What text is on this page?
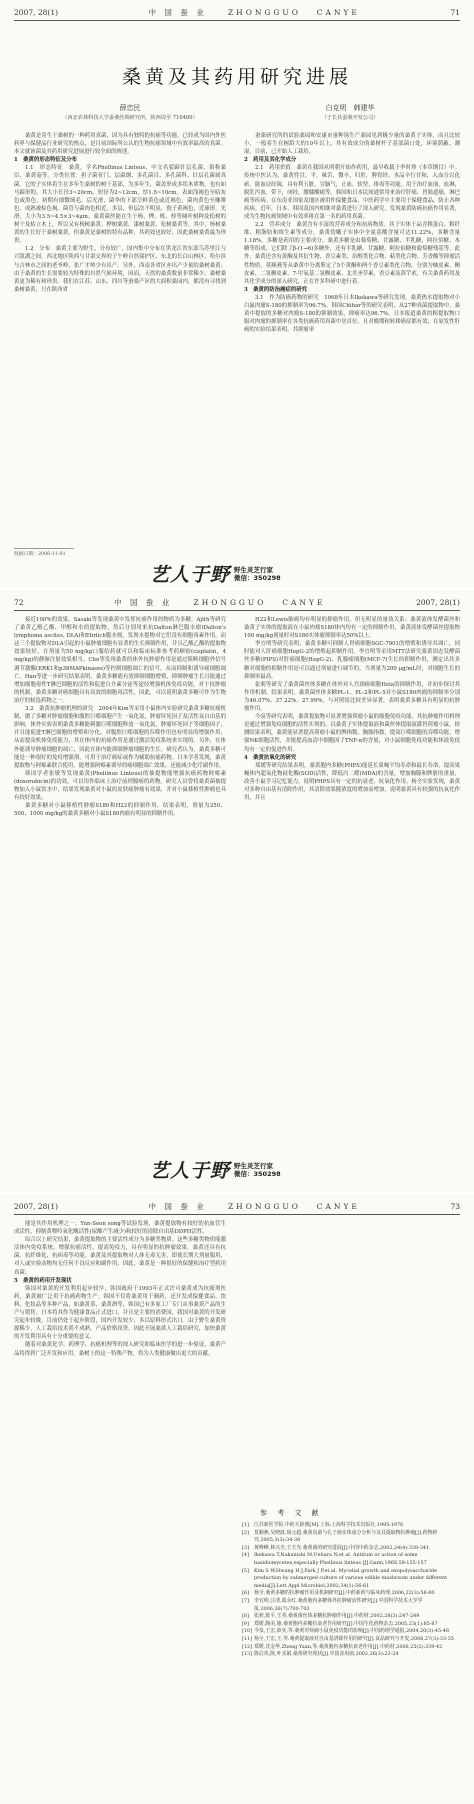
2007, 28(1)	中 国 蚕 业 　 ZHONGGUO 　CANYE	71
桑黄及其药用研究进展
薛忠民
（西北农林科技大学蚕桑丝绸研究所，陕西周至 710400）
白克明　韩建华
（子长县蚕桑开发公司）

桑黄是寄生于桑树的一种药用真菌，因为具有独特的抗癌等功能，已经成为国内外医药界与保健品行业研究的热点，是目前国际所公认的生物抗癌领域中有效率最高的真菌。本文就该菌及其药用研究进展进行较全面的阐述。

1　桑黄的形态特征及分布

1.1　形态特征　桑黄，学名Phellinus Linteus，中文名裂蹄针层孔菌，俗称桑臣、桑黄菇等。分类位置：担子菌亚门、层菌纲、多孔菌目、多孔菌科、针层孔菌属真菌。它的子实体着生在多年生桑树的树干基部，为多年生，菌盖形成多状木质物，也有如马蹄形的。其大小长径3~20cm，短径为2~12cm，厚1.5~10cm。表面浅褐色至暗灰色或黑色，初期有细微绒毛，后光滑，菌伞的下部呈鲜黄色或近褐色，菌肉黄色至咖啡色，成熟被棕色褐。菌管与菌肉色相近，多层，但层次不明显，孢子黄褐色，近球形，光滑，大小为3.5~4.5×3~4μm。桑黄菌丝能在生于杨、桦、栎、栓等阔叶树种及松树的树干及枯立木上，所以又有杨树桑黄、桦树桑黄、漆树桑黄、松树桑黄等。其中，杨树桑黄的生长好于桑树桑黄，但桑黄是桑树的特有品种，其药效也较好，因此桑树桑黄最为珍贵。

1.2　分布　桑黄主要为野生，分布较广。国内集中分布在黑龙江省东部乌苏里江与兴凯湖之间，西北地区陕西与甘肃交界的子午岭自然保护区、东北的长白山林区、哈尔滨与吉林市之间的老爷岭、张广才岭少有出产。另外，西南各省区亦出产少量的桑树桑黄。由于桑黄的生长需要较为特殊的自然气候环境，因而，天然的桑黄数量非常稀少，桑树桑黄更为稀有和珍贵。我们在江苏、山东、四川等蚕桑产区的大面积桑园内，都没有寻找到桑树桑黄，只在陕西省

收稿日期：2006-11-01

蚕桑研究所的试验桑园和安康市蚕种场生产桑园见到极少量的桑黄子实体，而且比较小，一般着生在树龄大的10年以上，其有效成分的桑树杆子基部菌口处，环境荫蔽、潮湿。目前，已开始人工栽培。

2　药用及其化学成分

2.1　药用价值　桑黄在我国从明朝开始作药用，最早收载于李时珍《本草纲目》中。传统中医认为，桑黄性甘，平，味苦，微辛，归肝，脾胃经。本品辛行甘和，入血分以化瘀，能血证经调，具有利五脏，宣脑气，止血，软坚，排毒等功能。用于治疗血崩，血淋，脱肛泻血，带下，闭经，腰膝酸痛等。韩国和日本民间通常用来治疗肝癌，胃肠道癌，淋巴癌等疾病。在东南亚国家及地区被用作保健食品，中医药学中主要用于保健食品，防止各种疾病。近年，日本、韩国及国内相继对桑黄进行了深入研究，发现桑黄防癌抗癌作用显著，成为生物抗癌领域中有效率排在第一名的药用真菌。

2.2　营养成分　桑黄含有丰富的营养成分和抗病物质。其子实体干品含粗蛋白、粗纤维、粗脂肪和维生素等成分，桑黄幼嫩子实体中全氨基酸含量可达11.22%，多糖含量1.18%。多糖是药用的主要成分。桑黄多糖是由葡萄糖、甘露糖、半乳糖、阿拉伯糖、木糖等组成。它们除了β-(1→6)多糖外，还有半乳糖、甘露糖、阿拉伯糖和葡萄糖残基等。此外，桑黄还含有黄酮及其衍生物、香豆素类、甾醇类化合物、萜类化合物，芳香酸等抑瘤活性物质。莫顺燕等从桑黄中分离鉴定了5个黄酮和两个香豆素类化合物，分别为柚皮素、槲皮素、二氢槲皮素、7-甲氧基二氢槲皮素、北美圣草素、香豆素及茵芋甙。有关桑黄药用及其化学成分的深入研究，正在许多科研中进行着。

3　桑黄的防治癌症的研究

3.1　作为防癌药物的研究　1968年日本Ikekawa等研究发现，桑黄热水提取物对小白鼠肉瘤S-180的抑制率为96.7%。韩国Chihar等的研究表明，从27种真菌提取物中，桑黄中提取的多糖对肉瘤S-180的抑制效果，抑癌率达96.7%。日本报道桑黄的粗提取物口服对肉瘤的抑制率在各类抗癌药用真菌中居首位，且对晚期和转移癌症都有效，在原发性肝癌的实验结果表明，其抑瘤率

艺人于野 野生灵芝行家
微信：350298
72	中 国 蚕 业 　 ZHONGGUO 　CANYE	2007, 28(1)

接近100%的效果。Sasaki等发现桑黄中发挥抗癌作用的物质为多糖。Ajith等研究了桑黄乙醇乙酯、甲醇和水的提取物，然后分别用来抗Dalton淋巴腹水瘤(Dalton's lymphoma ascites, DLA)和Ehrlich腹水瘤，发现水提物对它们没有细胞毒素作用，而这三个提取物对DLA引起的小鼠肿瘤细胞有显著的生长抑制作用，并且乙酸乙酯的提取物效果较好，在剂量为50 mg/kg口服给药就可以和临床标准参考药顺铂(cisplatin，4 mg/kg)的静脉注射效果相当。Cho等发现桑黄的体外抗肿瘤作用是通过阻断细胞外信号调节激酶(ERK1和p38MAPkinases)等控制细胞凋亡的信号，从而抑制和诱导癌细胞凋亡。Han等进一步研究结果表明，桑黄多糖能有效抑制细胞增殖，抑制肿瘤生长且能通过增加细胞毒性T淋巴细胞的活性和促进白介素分泌等途径增强机体免疫功能，对于抗肿瘤的机制，桑黄多糖对癌细胞具有高效的细胞毒活性，因此，可以说明桑黄多糖可作为生物治疗的候选药物之一。

3.2　桑黄抗肿瘤机理的研究　2004年Kim等采用小鼠体内实验研究桑黄多糖抗癌机制，做了多糖对肿瘤细胞和腹腔巨噬细胞产生一氧化氮，肿瘤坏死因子及活性氧自由基的影响，体外实验表明桑黄多糖能刺激巨噬细胞释放一氧化氮，肿瘤坏死因子等细胞因子，并且能促进T淋巴细胞的增殖和分化，对腹腔巨噬细胞的吞噬作用也有明显的增强作用，从而提高机体免疫能力，其在体内的抗癌作用是通过激活免疫系统来实现的。另外，在体外能诱导肿瘤细胞的凋亡，因此在体内能抑制肿瘤细胞的生长。研究者认为，桑黄多糖可能是一种很好的免疫增强剂，可用于治疗癌症或作为辅助抗癌药物。日本学者发现，桑黄提取物与阿霉素联合使用，能增强阿霉素诱导的癌细胞凋亡效果，还能减少化疗副作用。

韩国学者张敏等发现桑黄(Phellinus Linteus)的抽提物能增强抗癌药物阿霉素(doxorubicin)的功效，可以用作临床上治疗前列腺癌的药物。研究人员曾将桑黄菌抽提物加入小鼠饮水中，结果发现桑黄对小鼠的皮肤癌肿瘤有效果，并对小鼠移植性肿瘤也具有较好效果。

桑黄多糖对小鼠移植性肿瘤S180和H22的抑制作用，结果表明，剂量为250、500、1000 mg/kg的桑黄多糖对小鼠S180肉瘤有明显的抑制作用。

H22和Lewis肺癌均有明显的抑瘤作用，但无明显的量效关系；桑黄液体发酵菌丝和桑黄子实体的提取液在小鼠肉瘤S180体内均有一定的抑制作用，桑黄液体发酵菌丝提取物100 mg/kg剂量时对S180实体瘤抑制率达50%以上。

李宜明等研究表明，桑黄多糖可抑制人胃癌细胞SGC-7901的增殖和诱导其凋亡，同时能对人肝癌细胞HepG-2的增殖起抑制作用。李宜明等采用MTT法研究桑黄固态发酵菌丝多糖(PIPS)对肝癌细胞(HepG-2)、乳腺癌细胞(MCF-7)生长的抑制作用，测定出其多糖对细胞的抑制作用是可以通过剂量进行调节的，当剂量为200 μg/mL时，对细胞生长的抑制率最高。

张莉等研究了桑黄菌丝体多糖在体外对人宫颈癌细胞Hela的抑制作用，并初步探讨其作用机制。结果表明，桑黄菌丝体多糖PL-1、PL-2和PL-5对小鼠S180肉瘤的抑制率分别为46.07%、37.22%、27.99%，与对照组比较差异显著，表明桑黄多糖具有明显的抗肿瘤作用。

今泉等研究表明，桑黄提取物可显著增强荷瘤小鼠的细胞免疫功能，其抗肿瘤作用机理是通过增强免疫细胞的活性实现的。以桑黄子实体提取液和菌丝体提取液灌胃荷瘤小鼠，检测结果表明，桑黄能显著提高荷瘤小鼠的脾指数、胸腺指数，提高巨噬细胞的吞噬功能，增强NK细胞活性，并能提高血清中细胞因子TNF-α的含量，对小鼠细胞免疫功能和体液免疫均有一定的促进作用。

4　桑黄抗氧化的研究

郑媛等研究结果表明，桑黄胞内多糖(PHPS)能延长果蝇平均寿命和最长寿命，提高果蝇体内超氧化物歧化酶(SOD)活性，降低丙二醛(MDA)的含量，增加胸腺和脾脏的重量，改善小鼠学习记忆能力。说明PHPS具有一定的抗衰老、抗氧化作用。杨全实验发现，桑黄对多种自由基有清除作用，其清除效果随浓度的增加而增加，说明桑黄具有较强的抗氧化作用，并且

艺人于野 野生灵芝行家
微信：350298
2007, 28(1)	中 国 蚕 业 　 ZHONGGUO 　CANYE	73

能是其作用机理之一。Yun-Seon song等试验发现，桑黄提取物有较好的抗血管生成活性，抑制黄嘌呤氧化酶活性(尿酸产生减少)和较好的清除自由基DDPH活性。

综合以上研究结果，桑黄提取物的主要活性成分为多糖类物质。这些多糖类物质能激活体内免疫系统，增强抗癌活性，提高免疫力，具有明显的抗肿瘤效果。桑黄还具有抗菌、抗纤维化、抗病毒等功能。桑黄及其提取物对人体无毒无害，即使长期大剂量服用，对人或实验动物均无任何不良反应和副作用，因此，桑黄是一种很好的保健和治疗型药用真菌。

5　桑黄的药用开发现状

韩国对桑黄的开发利用起步较早，韩国政府于1993年正式许可桑黄成为抗癌剂医药，桑黄被广泛用于抗癌药物生产；韩国不仅将桑黄用于制药，还开发成保健食品、饮料、化妆品等多种产品，如桑黄茶、桑黄酒等，韩国已有多家工厂专门从事桑黄产品的生产与销售。日本将其作为健康食品正式进口，并且是主要的消费国。我国对桑黄的开发研究起步较晚，目前仍处于起步阶段，国内开发较少，多以原料形式出口。由于野生桑黄资源稀少，人工栽培技术尚不成熟，产品价格昂贵，因此开展桑黄人工栽培研究，加快桑黄的开发利用具有十分重要的意义。

随着对桑黄化学、药理学、抗癌机理等的深入研究和临床医学的进一步验证，桑黄产品将得到广泛开发和应用。桑树上的这一特殊产物，将为人类健康做出更大的贡献。

参 考 文 献
[1]	江苏新医学院.中药大辞典[M].上海:上海科学技术出版社,1995:1976
[2]	莫顺燕,吴晓波,胡元超.桑黄真菌与孔子菌实体成分分析与及其提取物抗肿瘤[J].药物研究,2005,3(3):34-38
[3]	黄峰峰,林兴全,王玉光.桑黄菌的研究进展[J].中国中药杂志,2002,24(4):339-341
[4]	Ikekawa T,Nakanishi M,Uehara N,et al. Antitum or action of some basidiomycetes,especially Phellinus linteus [J].Gann,1968,59:155-157
[5]	Kim S W,Hwang H J,Park J P,et al. Mycelial growth and exopolysaccharide production by submerged culture of various edible mushroom under different media[J].Lett Appl Microbiol,2002,34(1):56-61
[6]	杨全,桑黄多糖的抗肿瘤作用及机制研究[J].中药新药与临床药理,2006,22(3):56-60
[7]	李宜明,汪清,葛永红.桑黄胞内多糖体外抗肿瘤活性研究[J].中国科学技术大学学报,2006,36(7):700-703
[8]	张莉,陈平,王英.桑黄菌丝体多糖抗肿瘤作用[J].中药材,2002,28(3):247-249
[9]	郑媛,陶美,施.桑黄胞内多糖抗衰老作用研究[J].中国生化药物杂志,2005,23(1):85-87
[10] 今泉,王宏,薛实,等.桑黄对荷瘤小鼠免疫功能的影响[J].中国药理学通报,2004,20(3):45-48
[11] 杨全,王宏,王,等.桑黄提取液对自由基清除作用的研究[J].食品研究与开发,2006,27(3):33-35
[12] 郑媛,沈金华,Zheng Yuan,等.桑黄胞内多糖抗衰老作用[J].中药材,2006,25(2):339-42
[13] 陈启英,陈,叶美娟,桑黄研究现状[J].中国食用菌,2002,26(3):22-24
